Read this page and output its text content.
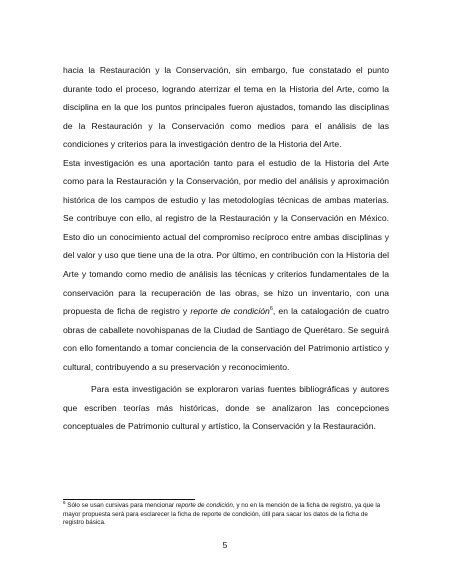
hacia la Restauración y la Conservación, sin embargo, fue constatado el punto durante todo el proceso, logrando aterrizar el tema en la Historia del Arte, como la disciplina en la que los puntos principales fueron ajustados, tomando las disciplinas de la Restauración y la Conservación como medios para el análisis de las condiciones y criterios para la investigación dentro de la Historia del Arte.

Esta investigación es una aportación tanto para el estudio de la Historia del Arte como para la Restauración y la Conservación, por medio del análisis y aproximación histórica de los campos de estudio y las metodologías técnicas de ambas materias. Se contribuye con ello, al registro de la Restauración y la Conservación en México. Esto dio un conocimiento actual del compromiso recíproco entre ambas disciplinas y del valor y uso que tiene una de la otra. Por último, en contribución con la Historia del Arte y tomando como medio de análisis las técnicas y criterios fundamentales de la conservación para la recuperación de las obras, se hizo un inventario, con una propuesta de ficha de registro y reporte de condición$^6$, en la catalogación de cuatro obras de caballete novohispanas de la Ciudad de Santiago de Querétaro. Se seguirá con ello fomentando a tomar conciencia de la conservación del Patrimonio artístico y cultural, contribuyendo a su preservación y reconocimiento.

Para esta investigación se exploraron varias fuentes bibliográficas y autores que escriben teorías más históricas, donde se analizaron las concepciones conceptuales de Patrimonio cultural y artístico, la Conservación y la Restauración.

$^6$ Sólo se usan cursivas para mencionar reporte de condición, y no en la mención de la ficha de registro, ya que la mayor propuesta será para esclarecer la ficha de reporte de condición, útil para sacar los datos de la ficha de registro básica.
5
